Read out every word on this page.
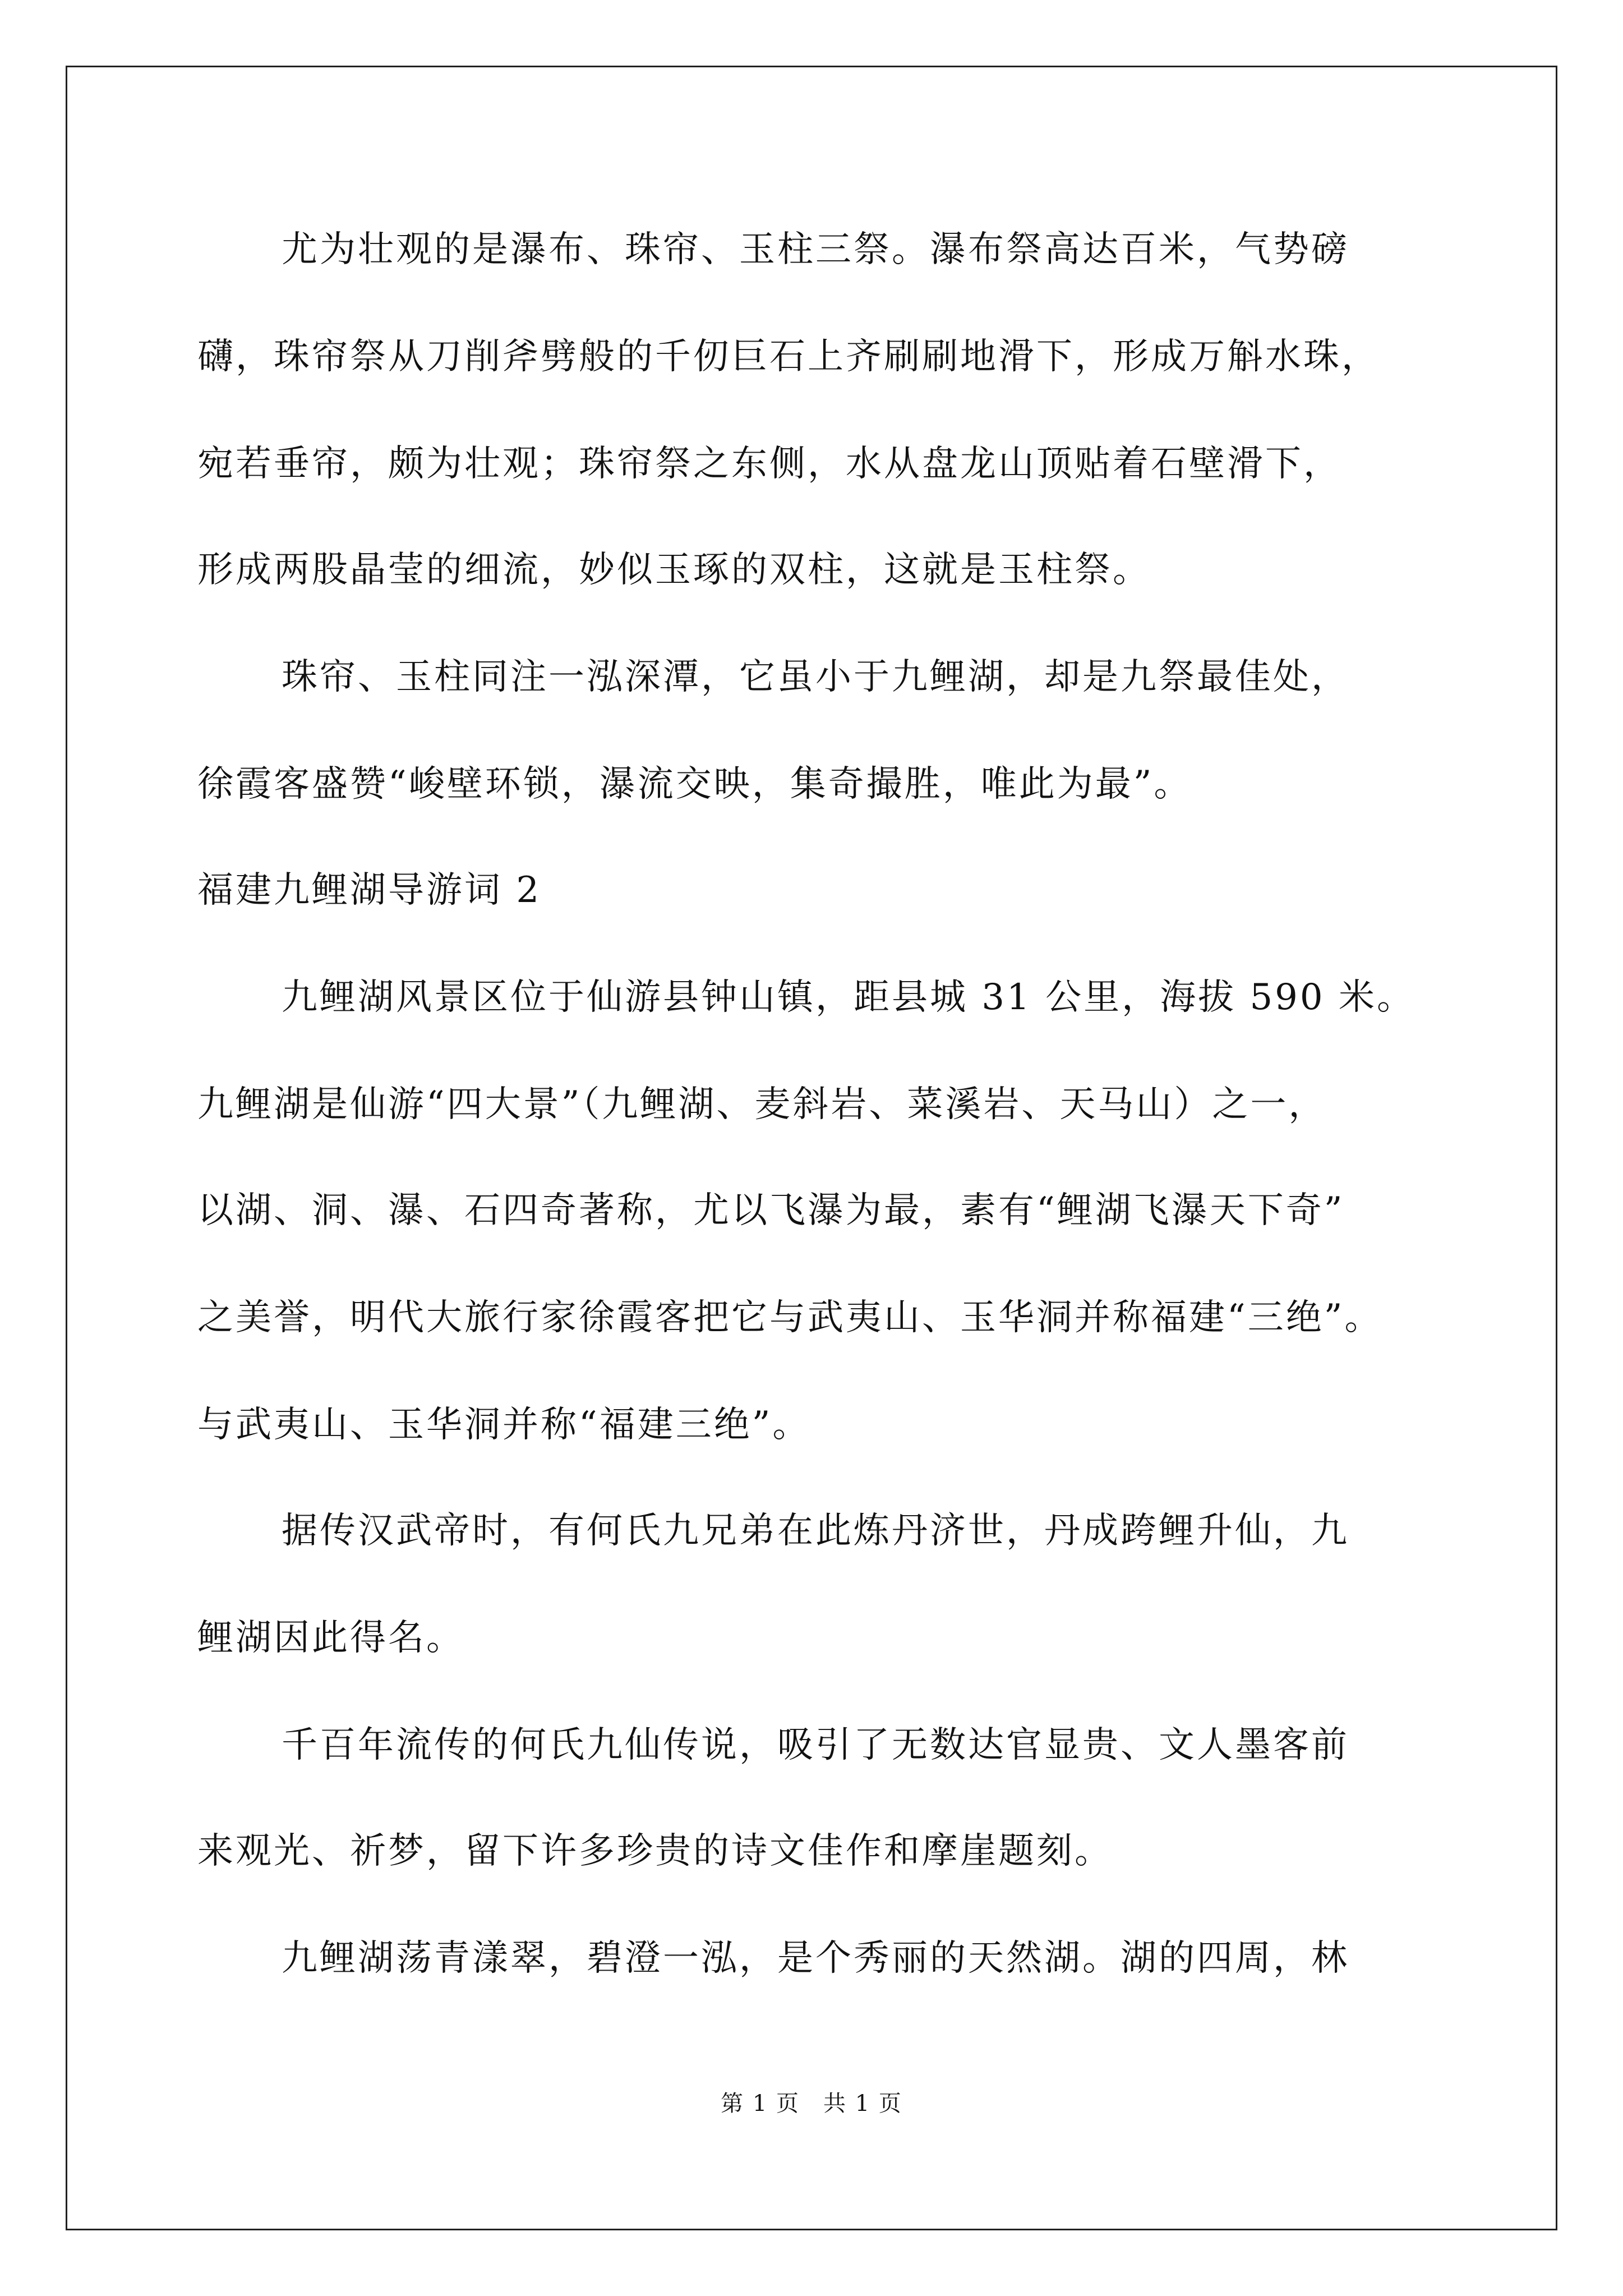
尤为壮观的是瀑布、珠帘、玉柱三祭。瀑布祭高达百米，气势磅

礴，珠帘祭从刀削斧劈般的千仞巨石上齐刷刷地滑下，形成万斛水珠，

宛若垂帘，颇为壮观；珠帘祭之东侧，水从盘龙山顶贴着石壁滑下，

形成两股晶莹的细流，妙似玉琢的双柱，这就是玉柱祭。

珠帘、玉柱同注一泓深潭，它虽小于九鲤湖，却是九祭最佳处，

徐霞客盛赞“峻壁环锁，瀑流交映，集奇撮胜，唯此为最”。

福建九鲤湖导游词 2

九鲤湖风景区位于仙游县钟山镇，距县城 31 公里，海拔 590 米。

九鲤湖是仙游“四大景”（九鲤湖、麦斜岩、菜溪岩、天马山）之一，

以湖、洞、瀑、石四奇著称，尤以飞瀑为最，素有“鲤湖飞瀑天下奇”

之美誉，明代大旅行家徐霞客把它与武夷山、玉华洞并称福建“三绝”。

与武夷山、玉华洞并称“福建三绝”。

据传汉武帝时，有何氏九兄弟在此炼丹济世，丹成跨鲤升仙，九

鲤湖因此得名。

千百年流传的何氏九仙传说，吸引了无数达官显贵、文人墨客前

来观光、祈梦，留下许多珍贵的诗文佳作和摩崖题刻。

九鲤湖荡青漾翠，碧澄一泓，是个秀丽的天然湖。湖的四周，林

第 1 页　共 1 页
